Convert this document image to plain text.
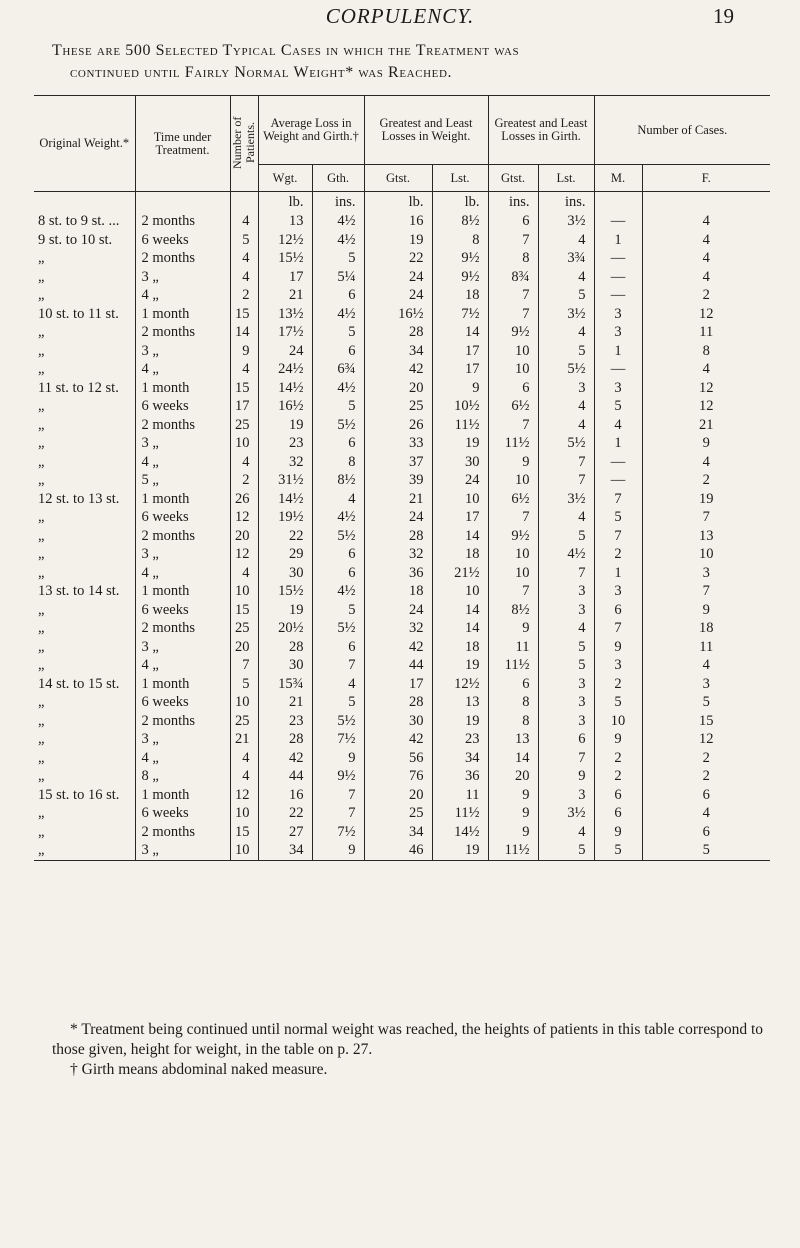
CORPULENCY.	19
These are 500 Selected Typical Cases in which the Treatment was
continued until Fairly Normal Weight* was Reached.
Original Weight.*	Time under Treatment.	Number of Patients.	Average Loss in Weight and Girth.†		Greatest and Least Losses in Weight.		Greatest and Least Losses in Girth.		Number of Cases.	
			Wgt.	Gth.	Gtst.	Lst.	Gtst.	Lst.	M.	F.
			lb.	ins.	lb.	lb.	ins.	ins.		
8 st. to 9 st. ...	2 months	4	13	4½	16	8½	6	3½	—	4
9 st. to 10 st.	6 weeks	5	12½	4½	19	8	7	4	1	4
„	2 months	4	15½	5	22	9½	8	3¾	—	4
„	3 „	4	17	5¼	24	9½	8¾	4	—	4
„	4 „	2	21	6	24	18	7	5	—	2
10 st. to 11 st.	1 month	15	13½	4½	16½	7½	7	3½	3	12
„	2 months	14	17½	5	28	14	9½	4	3	11
„	3 „	9	24	6	34	17	10	5	1	8
„	4 „	4	24½	6¾	42	17	10	5½	—	4
11 st. to 12 st.	1 month	15	14½	4½	20	9	6	3	3	12
„	6 weeks	17	16½	5	25	10½	6½	4	5	12
„	2 months	25	19	5½	26	11½	7	4	4	21
„	3 „	10	23	6	33	19	11½	5½	1	9
„	4 „	4	32	8	37	30	9	7	—	4
„	5 „	2	31½	8½	39	24	10	7	—	2
12 st. to 13 st.	1 month	26	14½	4	21	10	6½	3½	7	19
„	6 weeks	12	19½	4½	24	17	7	4	5	7
„	2 months	20	22	5½	28	14	9½	5	7	13
„	3 „	12	29	6	32	18	10	4½	2	10
„	4 „	4	30	6	36	21½	10	7	1	3
13 st. to 14 st.	1 month	10	15½	4½	18	10	7	3	3	7
„	6 weeks	15	19	5	24	14	8½	3	6	9
„	2 months	25	20½	5½	32	14	9	4	7	18
„	3 „	20	28	6	42	18	11	5	9	11
„	4 „	7	30	7	44	19	11½	5	3	4
14 st. to 15 st.	1 month	5	15¾	4	17	12½	6	3	2	3
„	6 weeks	10	21	5	28	13	8	3	5	5
„	2 months	25	23	5½	30	19	8	3	10	15
„	3 „	21	28	7½	42	23	13	6	9	12
„	4 „	4	42	9	56	34	14	7	2	2
„	8 „	4	44	9½	76	36	20	9	2	2
15 st. to 16 st.	1 month	12	16	7	20	11	9	3	6	6
„	6 weeks	10	22	7	25	11½	9	3½	6	4
„	2 months	15	27	7½	34	14½	9	4	9	6
„	3 „	10	34	9	46	19	11½	5	5	5

* Treatment being continued until normal weight was reached, the heights of patients in this table correspond to those given, height for weight, in the table on p. 27.

† Girth means abdominal naked measure.
